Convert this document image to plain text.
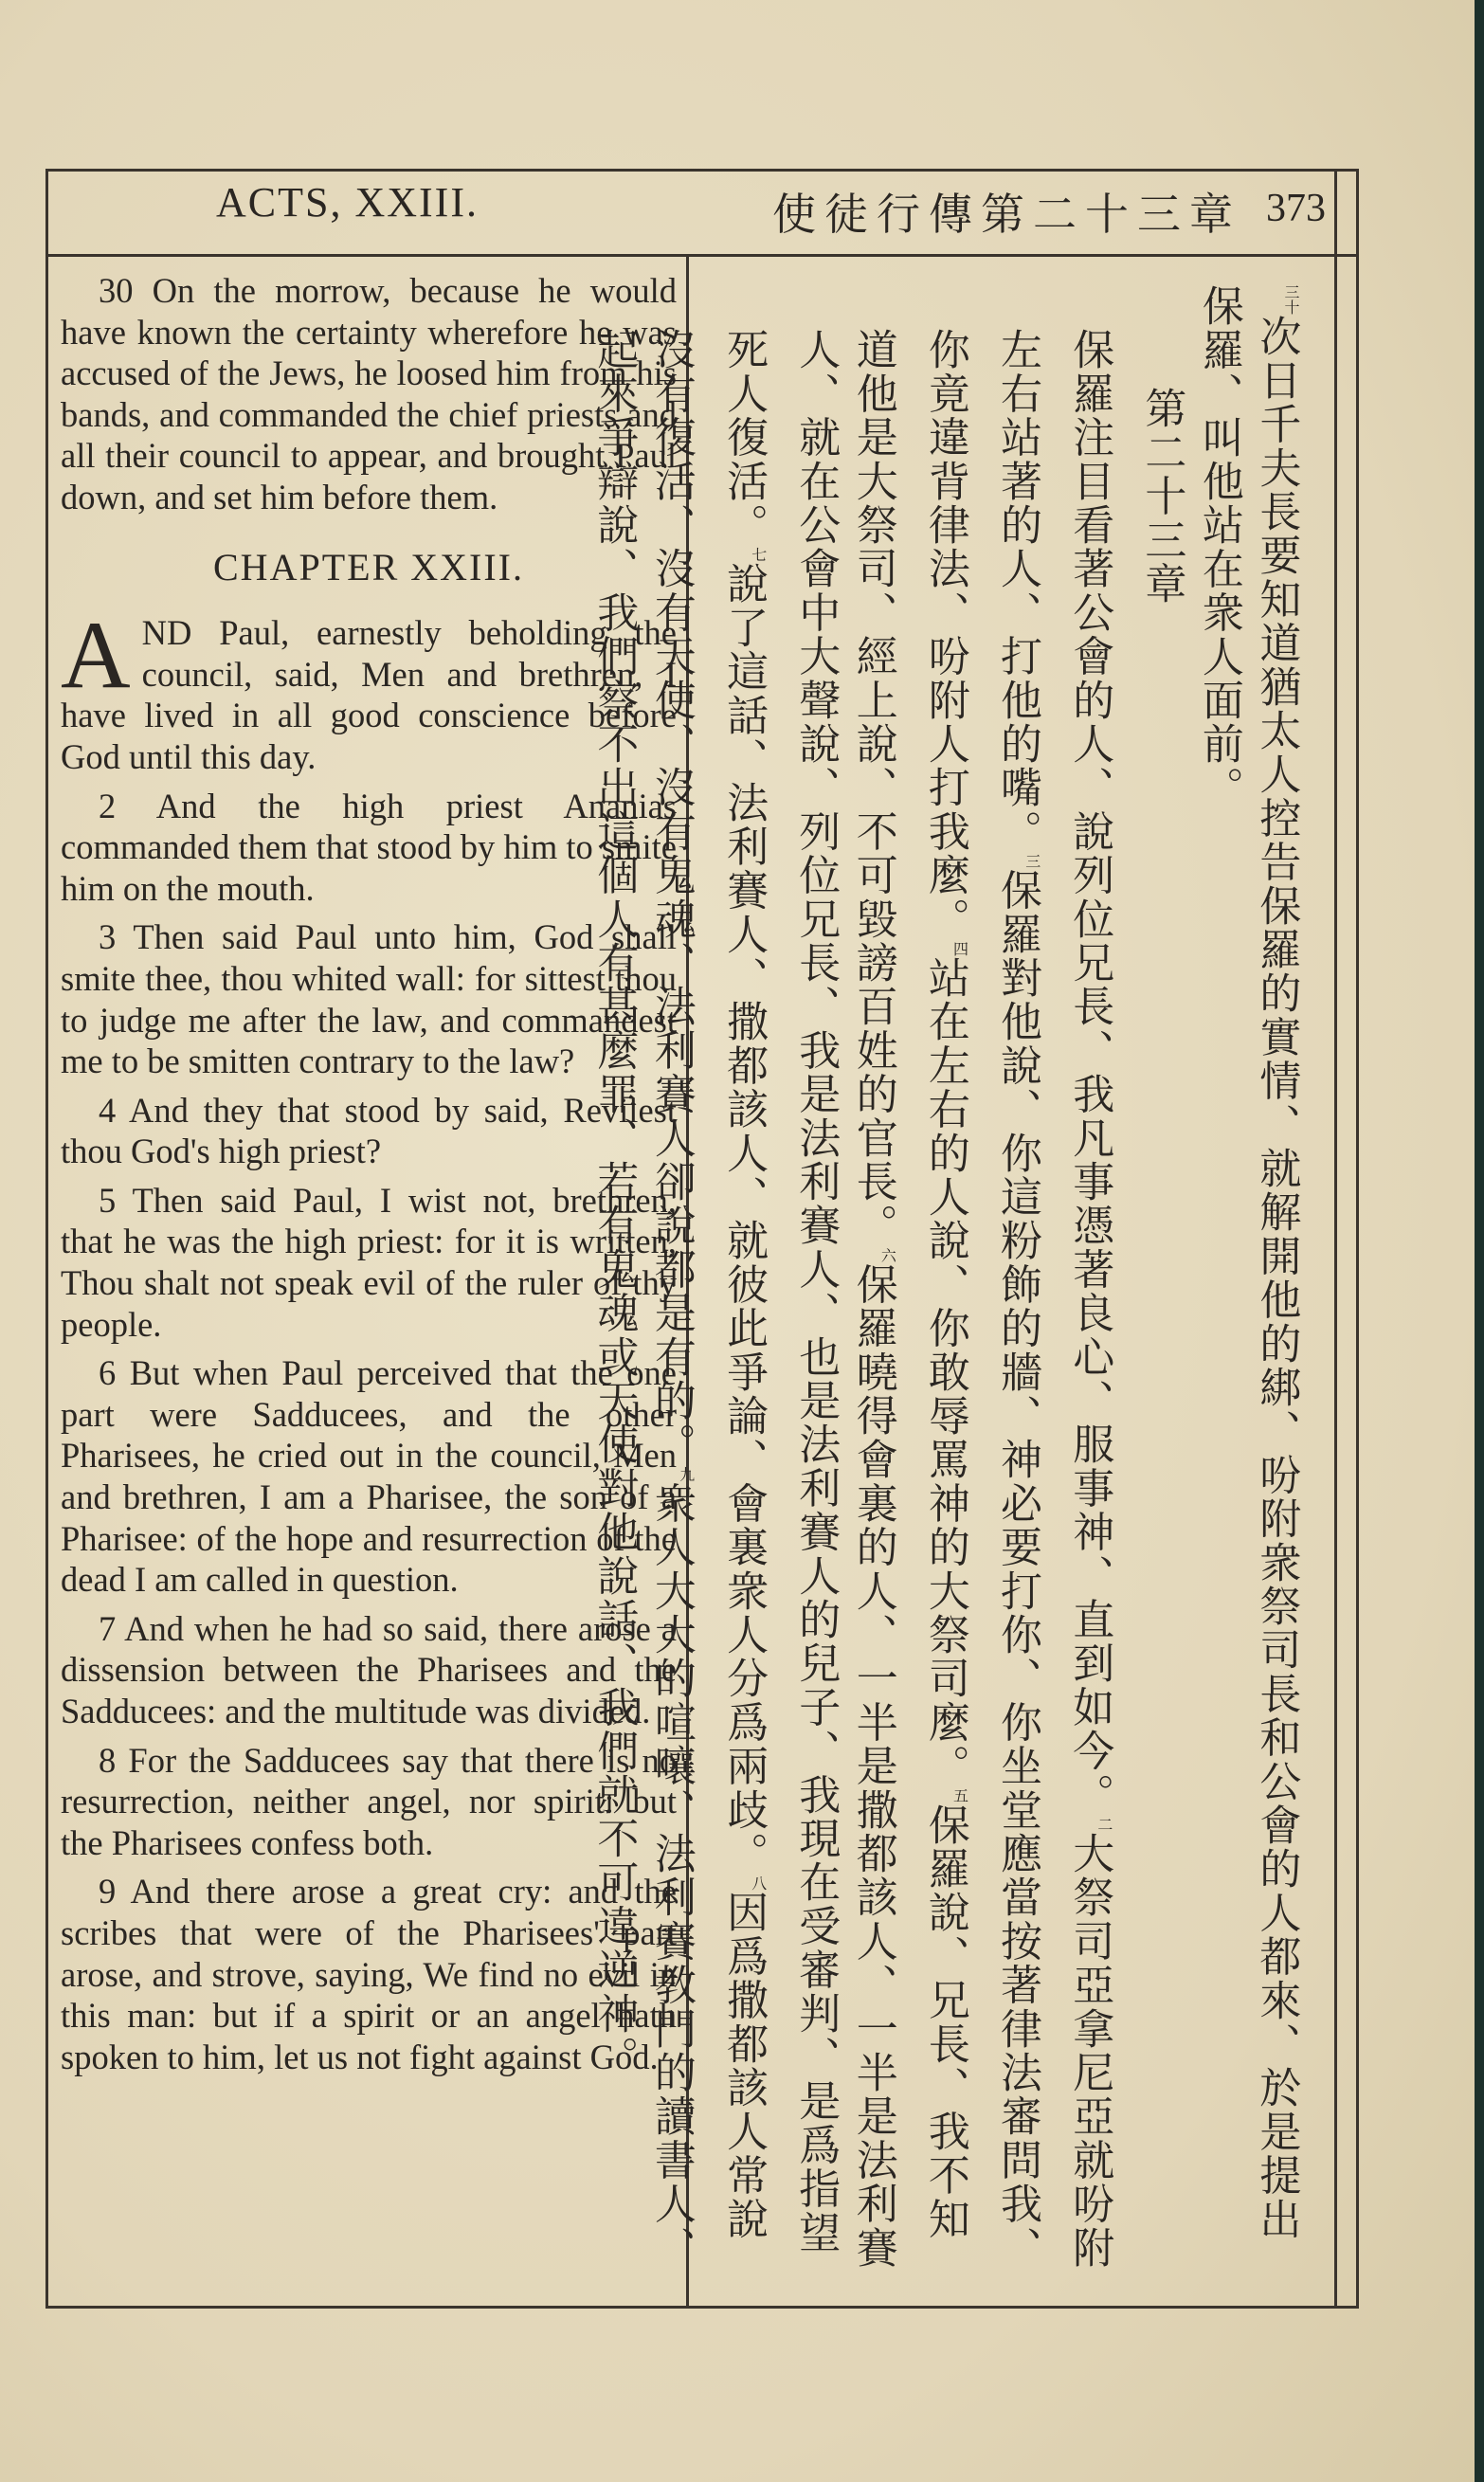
ACTS, XXIII.	使徒行傳第二十三章 373

30 On the morrow, because he would have known the certainty wherefore he was accused of the Jews, he loosed him from his bands, and commanded the chief priests and all their council to appear, and brought Paul down, and set him before them.

CHAPTER XXIII.

AND Paul, earnestly beholding the council, said, Men and brethren, I have lived in all good conscience before God until this day.

2 And the high priest Ananias commanded them that stood by him to smite him on the mouth.

3 Then said Paul unto him, God shall smite thee, thou whited wall: for sittest thou to judge me after the law, and commandest me to be smitten contrary to the law?

4 And they that stood by said, Revilest thou God's high priest?

5 Then said Paul, I wist not, brethren, that he was the high priest: for it is written, Thou shalt not speak evil of the ruler of thy people.

6 But when Paul perceived that the one part were Sadducees, and the other Pharisees, he cried out in the council, Men and brethren, I am a Pharisee, the son of a Pharisee: of the hope and resurrection of the dead I am called in question.

7 And when he had so said, there arose a dissension between the Pharisees and the Sadducees: and the multitude was divided.

8 For the Sadducees say that there is no resurrection, neither angel, nor spirit: but the Pharisees confess both.

9 And there arose a great cry: and the scribes that were of the Pharisees' part arose, and strove, saying, We find no evil in this man: but if a spirit or an angel hath spoken to him, let us not fight against God.

$^{三十}$次日千夫長要知道猶太人控告保羅的實情、就解開他的綁、吩附衆祭司長和公會的人都來、於是提出保羅、叫他站在衆人面前。

第二十三章

保羅注目看著公會的人、說列位兄長、我凡事憑著良心、服事神、直到如今。$^二$大祭司亞拿尼亞就吩附左右站著的人、打他的嘴。$^三$保羅對他說、你這粉飾的牆、神必要打你、你坐堂應當按著律法審問我、你竟違背律法、吩附人打我麼。$^四$站在左右的人說、你敢辱罵神的大祭司麼。$^五$保羅說、兄長、我不知道他是大祭司、經上說、不可毀謗百姓的官長。$^六$保羅曉得會裏的人、一半是撒都該人、一半是法利賽人、就在公會中大聲說、列位兄長、我是法利賽人、也是法利賽人的兒子、我現在受審判、是爲指望死人復活。$^七$說了這話、法利賽人、撒都該人、就彼此爭論、會裏衆人分爲兩歧。$^八$因爲撒都該人常說沒有復活、沒有天使、沒有鬼魂、法利賽人卻說都是有的。$^九$衆人大大的喧嚷、法利賽教門的讀書人、起來爭辯說、我們察不出這個人有甚麼罪、若有鬼魂或天使對他說話、我們就不可違逆神。
